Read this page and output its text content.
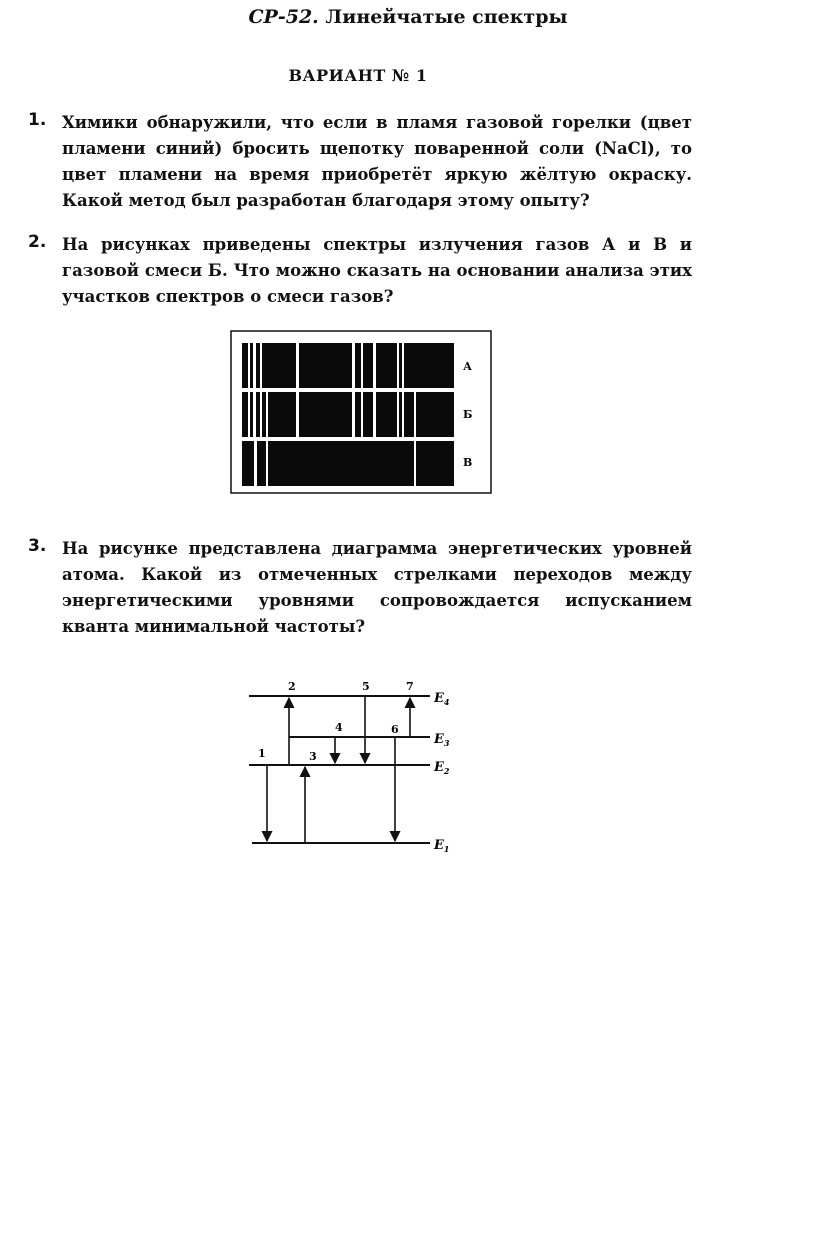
СР-52. Линейчатые спектры
ВАРИАНТ № 1
1. Химики обнаружили, что если в пламя газовой горелки (цвет пламени синий) бросить щепотку поваренной соли (NaCl), то цвет пламени на время приобретёт яркую жёлтую окраску. Какой метод был разработан благодаря этому опыту?
2. На рисунках приведены спектры излучения газов А и В и газовой смеси Б. Что можно сказать на основании анализа этих участков спектров о смеси газов?
А
Б
В
3. На рисунке представлена диаграмма энергетических уровней атома. Какой из отмеченных стрелками переходов между энергетическими уровнями сопровождается испусканием кванта минимальной частоты?
$E_4$
$E_3$
$E_2$
$E_1$
1
2
3
4
5
6
7
